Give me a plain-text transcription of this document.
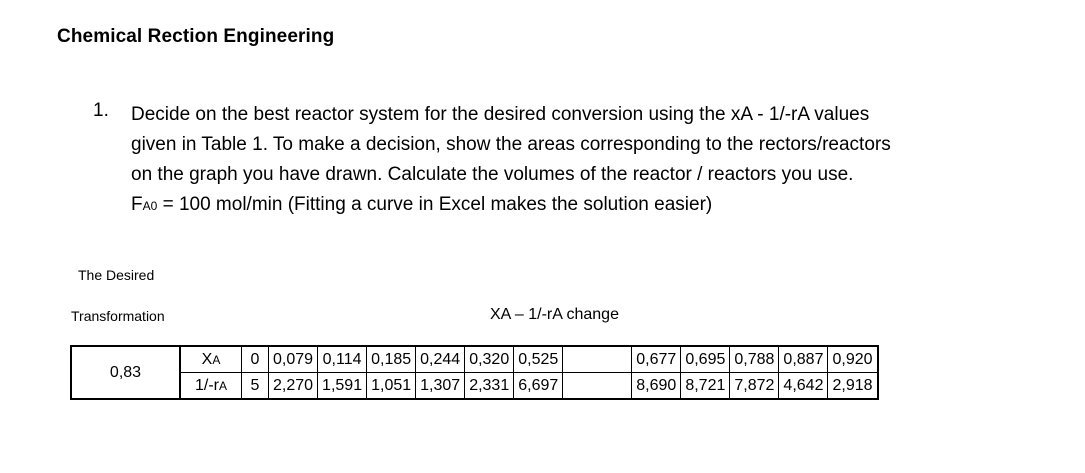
Chemical Rection Engineering
1. Decide on the best reactor system for the desired conversion using the xA - 1/-rA values
given in Table 1. To make a decision, show the areas corresponding to the rectors/reactors
on the graph you have drawn. Calculate the volumes of the reactor / reactors you use.
FA0 = 100 mol/min (Fitting a curve in Excel makes the solution easier)
The Desired
Transformation	XA – 1/-rA change
0,83	XA	0	0,079	0,114	0,185	0,244	0,320	0,525		0,677	0,695	0,788	0,887	0,920
	1/-rA	5	2,270	1,591	1,051	1,307	2,331	6,697		8,690	8,721	7,872	4,642	2,918
